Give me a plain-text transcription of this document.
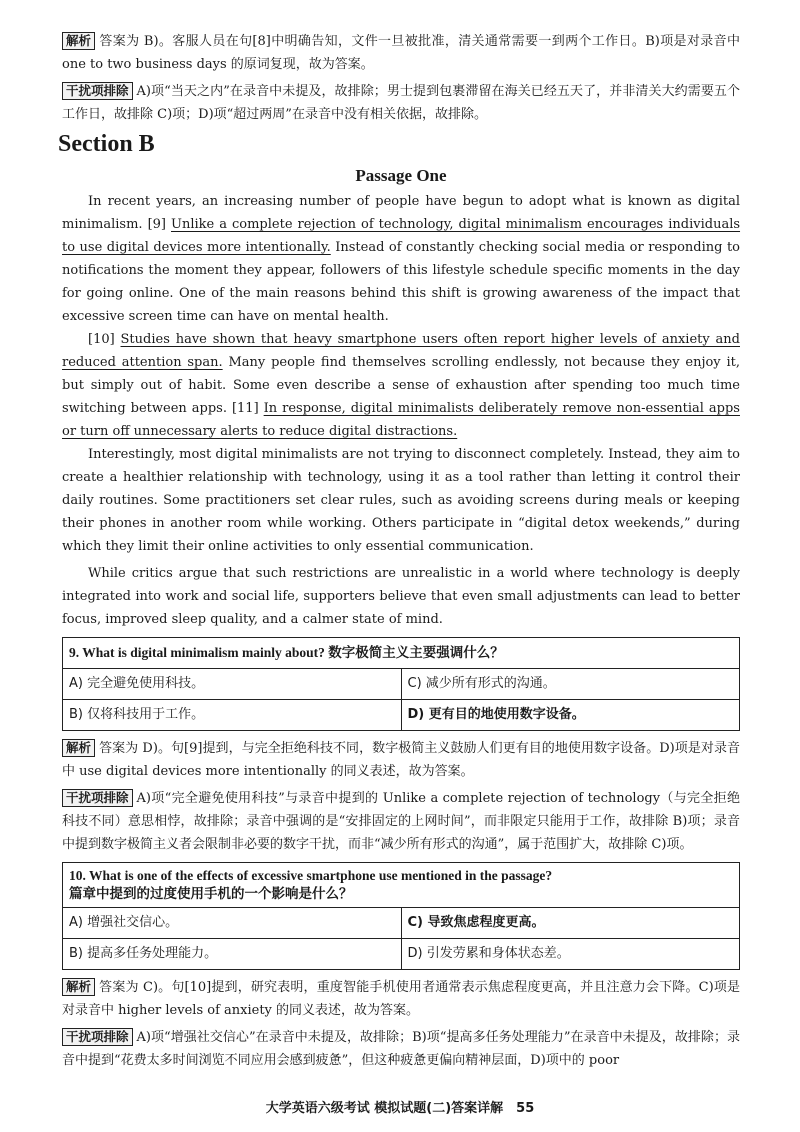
解析 答案为 B)。客服人员在句[8]中明确告知，文件一旦被批准，清关通常需要一到两个工作日。B)项是对录音中 one to two business days 的原词复现，故为答案。

干扰项排除 A)项“当天之内”在录音中未提及，故排除；男士提到包裹滞留在海关已经五天了，并非清关大约需要五个工作日，故排除 C)项；D)项“超过两周”在录音中没有相关依据，故排除。

Section B
Passage One

In recent years, an increasing number of people have begun to adopt what is known as digital minimalism. [9] Unlike a complete rejection of technology, digital minimalism encourages individuals to use digital devices more intentionally. Instead of constantly checking social media or responding to notifications the moment they appear, followers of this lifestyle schedule specific moments in the day for going online. One of the main reasons behind this shift is growing awareness of the impact that excessive screen time can have on mental health.

[10] Studies have shown that heavy smartphone users often report higher levels of anxiety and reduced attention span. Many people find themselves scrolling endlessly, not because they enjoy it, but simply out of habit. Some even describe a sense of exhaustion after spending too much time switching between apps. [11] In response, digital minimalists deliberately remove non-essential apps or turn off unnecessary alerts to reduce digital distractions.

Interestingly, most digital minimalists are not trying to disconnect completely. Instead, they aim to create a healthier relationship with technology, using it as a tool rather than letting it control their daily routines. Some practitioners set clear rules, such as avoiding screens during meals or keeping their phones in another room while working. Others participate in “digital detox weekends,” during which they limit their online activities to only essential communication.

While critics argue that such restrictions are unrealistic in a world where technology is deeply integrated into work and social life, supporters believe that even small adjustments can lead to better focus, improved sleep quality, and a calmer state of mind.

9. What is digital minimalism mainly about? 数字极简主义主要强调什么？	
A) 完全避免使用科技。	C) 减少所有形式的沟通。
B) 仅将科技用于工作。	D) 更有目的地使用数字设备。

解析 答案为 D)。句[9]提到，与完全拒绝科技不同，数字极简主义鼓励人们更有目的地使用数字设备。D)项是对录音中 use digital devices more intentionally 的同义表述，故为答案。

干扰项排除 A)项“完全避免使用科技”与录音中提到的 Unlike a complete rejection of technology（与完全拒绝科技不同）意思相悖，故排除；录音中强调的是“安排固定的上网时间”，而非限定只能用于工作，故排除 B)项；录音中提到数字极简主义者会限制非必要的数字干扰，而非“减少所有形式的沟通”，属于范围扩大，故排除 C)项。

10. What is one of the effects of excessive smartphone use mentioned in the passage?
篇章中提到的过度使用手机的一个影响是什么？	

A) 增强社交信心。	C) 导致焦虑程度更高。
B) 提高多任务处理能力。	D) 引发劳累和身体状态差。

解析 答案为 C)。句[10]提到，研究表明，重度智能手机使用者通常表示焦虑程度更高，并且注意力会下降。C)项是对录音中 higher levels of anxiety 的同义表述，故为答案。

干扰项排除 A)项“增强社交信心”在录音中未提及，故排除；B)项“提高多任务处理能力”在录音中未提及，故排除；录音中提到“花费太多时间浏览不同应用会感到疲惫”，但这种疲惫更偏向精神层面，D)项中的 poor

大学英语六级考试 模拟试题(二)答案详解　55
